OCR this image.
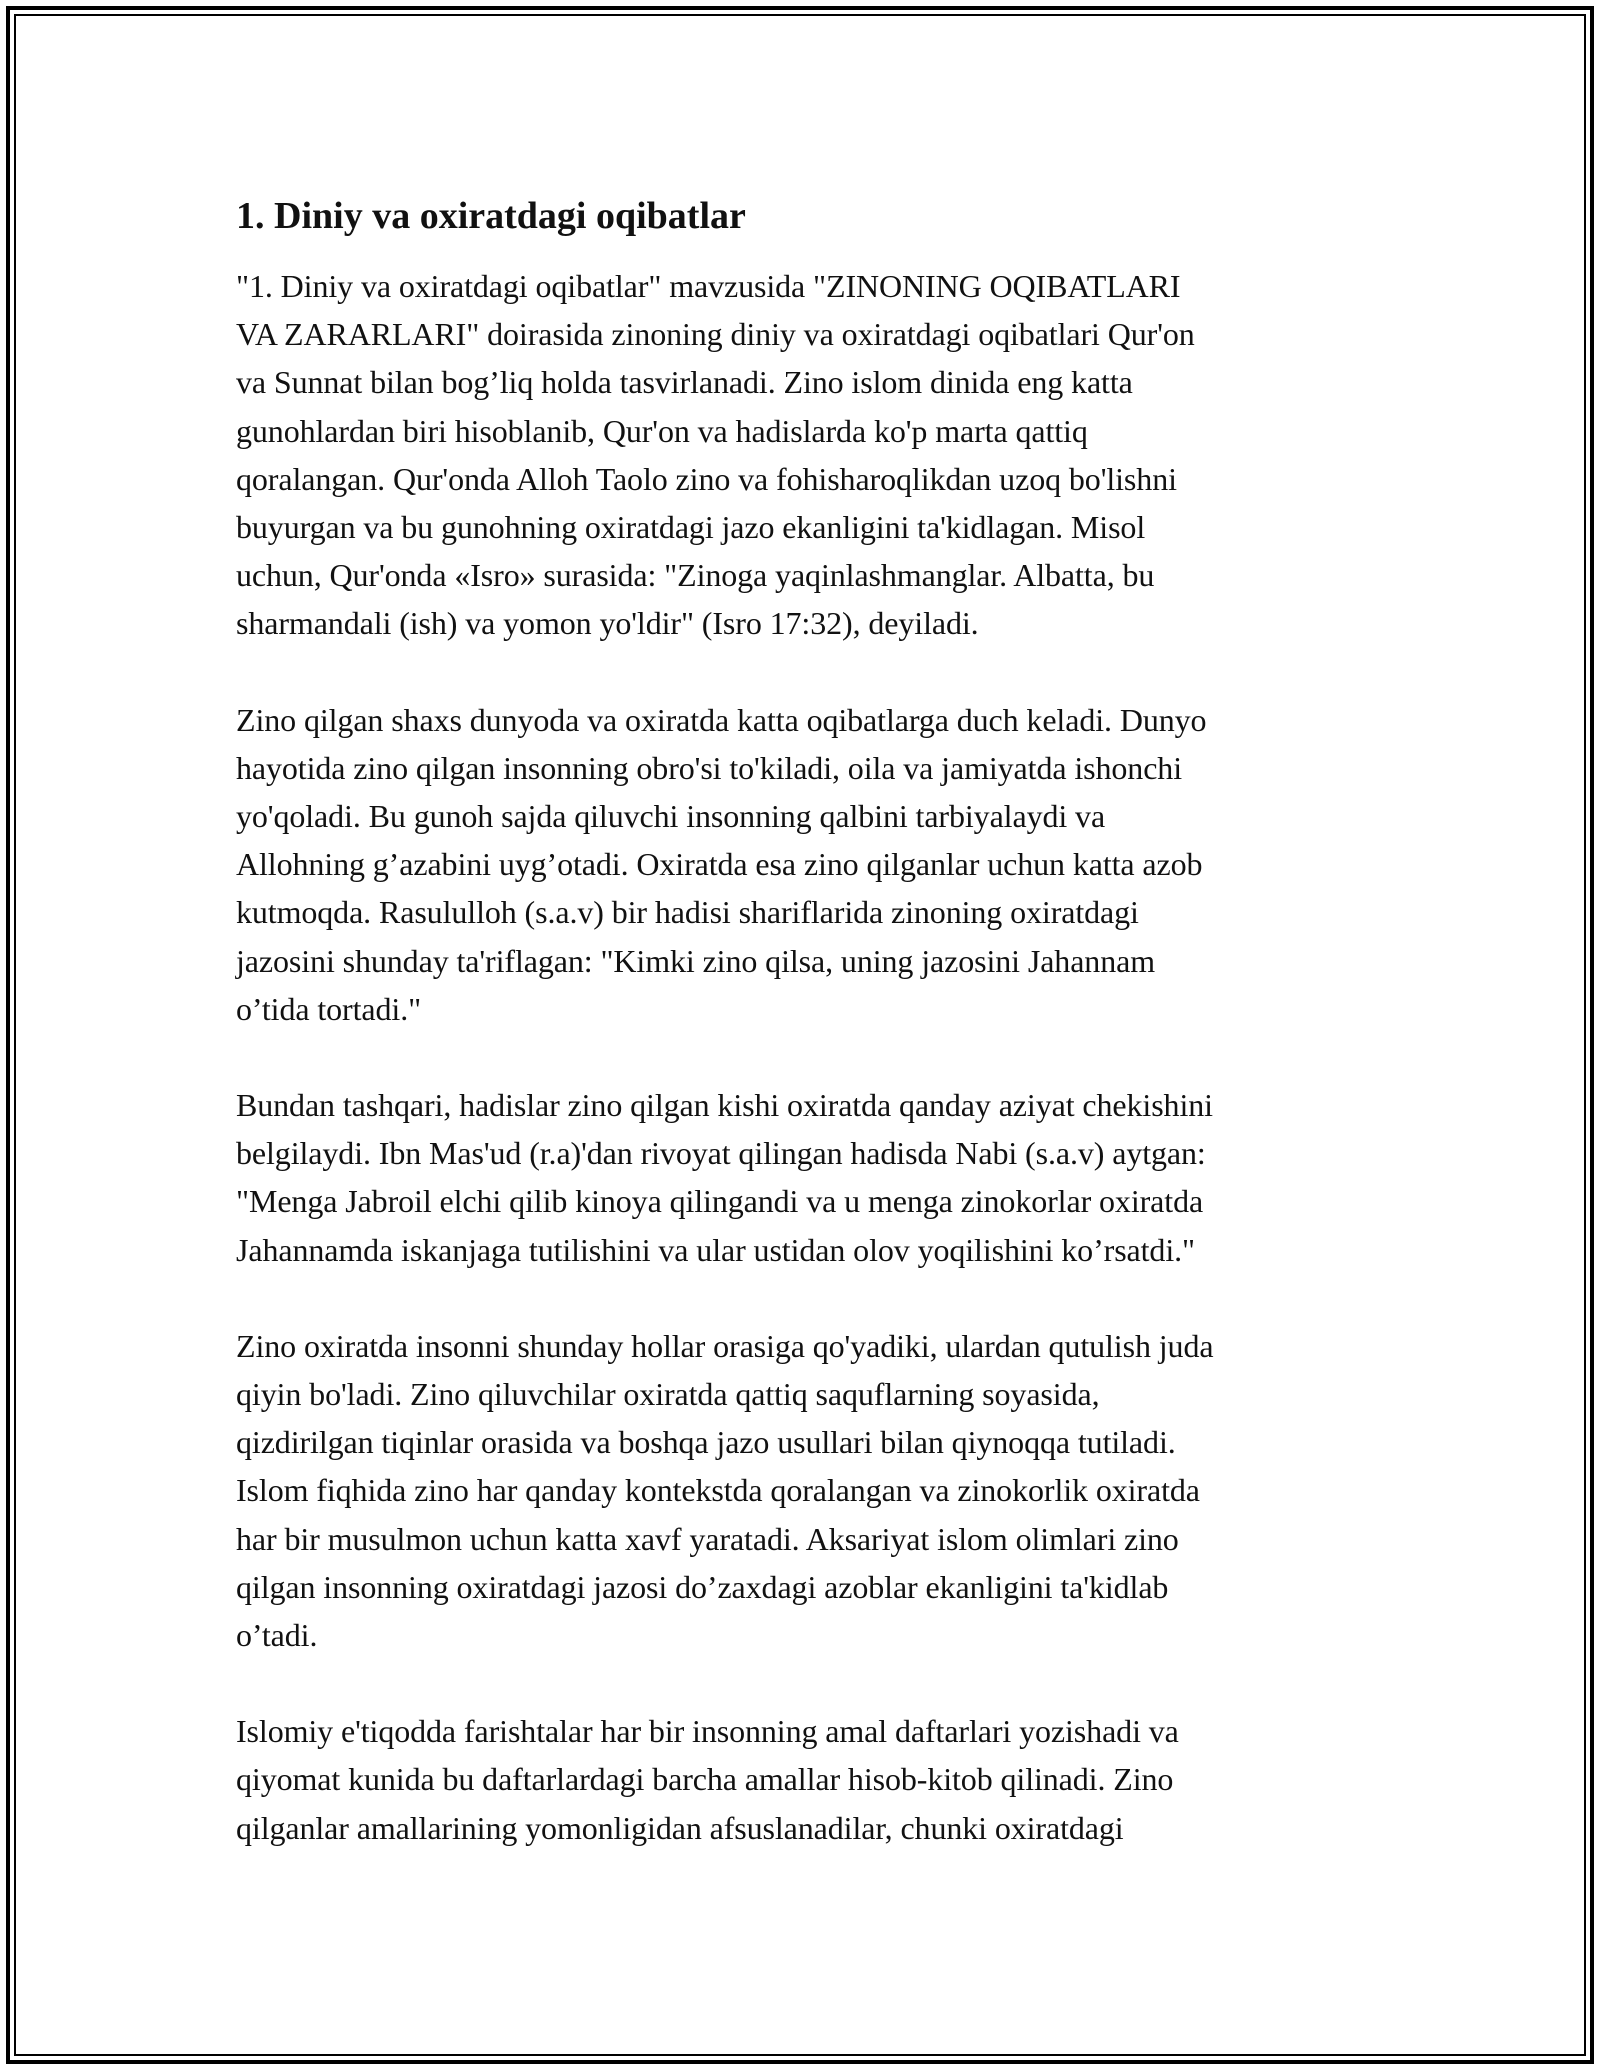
1. Diniy va oxiratdagi oqibatlar

"1. Diniy va oxiratdagi oqibatlar" mavzusida "ZINONING OQIBATLARI
VA ZARARLARI" doirasida zinoning diniy va oxiratdagi oqibatlari Qur'on
va Sunnat bilan bog’liq holda tasvirlanadi. Zino islom dinida eng katta
gunohlardan biri hisoblanib, Qur'on va hadislarda ko'p marta qattiq
qoralangan. Qur'onda Alloh Taolo zino va fohisharoqlikdan uzoq bo'lishni
buyurgan va bu gunohning oxiratdagi jazo ekanligini ta'kidlagan. Misol
uchun, Qur'onda «Isro» surasida: "Zinoga yaqinlashmanglar. Albatta, bu
sharmandali (ish) va yomon yo'ldir" (Isro 17:32), deyiladi.

Zino qilgan shaxs dunyoda va oxiratda katta oqibatlarga duch keladi. Dunyo
hayotida zino qilgan insonning obro'si to'kiladi, oila va jamiyatda ishonchi
yo'qoladi. Bu gunoh sajda qiluvchi insonning qalbini tarbiyalaydi va
Allohning g’azabini uyg’otadi. Oxiratda esa zino qilganlar uchun katta azob
kutmoqda. Rasululloh (s.a.v) bir hadisi shariflarida zinoning oxiratdagi
jazosini shunday ta'riflagan: "Kimki zino qilsa, uning jazosini Jahannam
o’tida tortadi."

Bundan tashqari, hadislar zino qilgan kishi oxiratda qanday aziyat chekishini
belgilaydi. Ibn Mas'ud (r.a)'dan rivoyat qilingan hadisda Nabi (s.a.v) aytgan:
"Menga Jabroil elchi qilib kinoya qilingandi va u menga zinokorlar oxiratda
Jahannamda iskanjaga tutilishini va ular ustidan olov yoqilishini ko’rsatdi."

Zino oxiratda insonni shunday hollar orasiga qo'yadiki, ulardan qutulish juda
qiyin bo'ladi. Zino qiluvchilar oxiratda qattiq saquflarning soyasida,
qizdirilgan tiqinlar orasida va boshqa jazo usullari bilan qiynoqqa tutiladi.
Islom fiqhida zino har qanday kontekstda qoralangan va zinokorlik oxiratda
har bir musulmon uchun katta xavf yaratadi. Aksariyat islom olimlari zino
qilgan insonning oxiratdagi jazosi do’zaxdagi azoblar ekanligini ta'kidlab
o’tadi.

Islomiy e'tiqodda farishtalar har bir insonning amal daftarlari yozishadi va
qiyomat kunida bu daftarlardagi barcha amallar hisob-kitob qilinadi. Zino
qilganlar amallarining yomonligidan afsuslanadilar, chunki oxiratdagi
